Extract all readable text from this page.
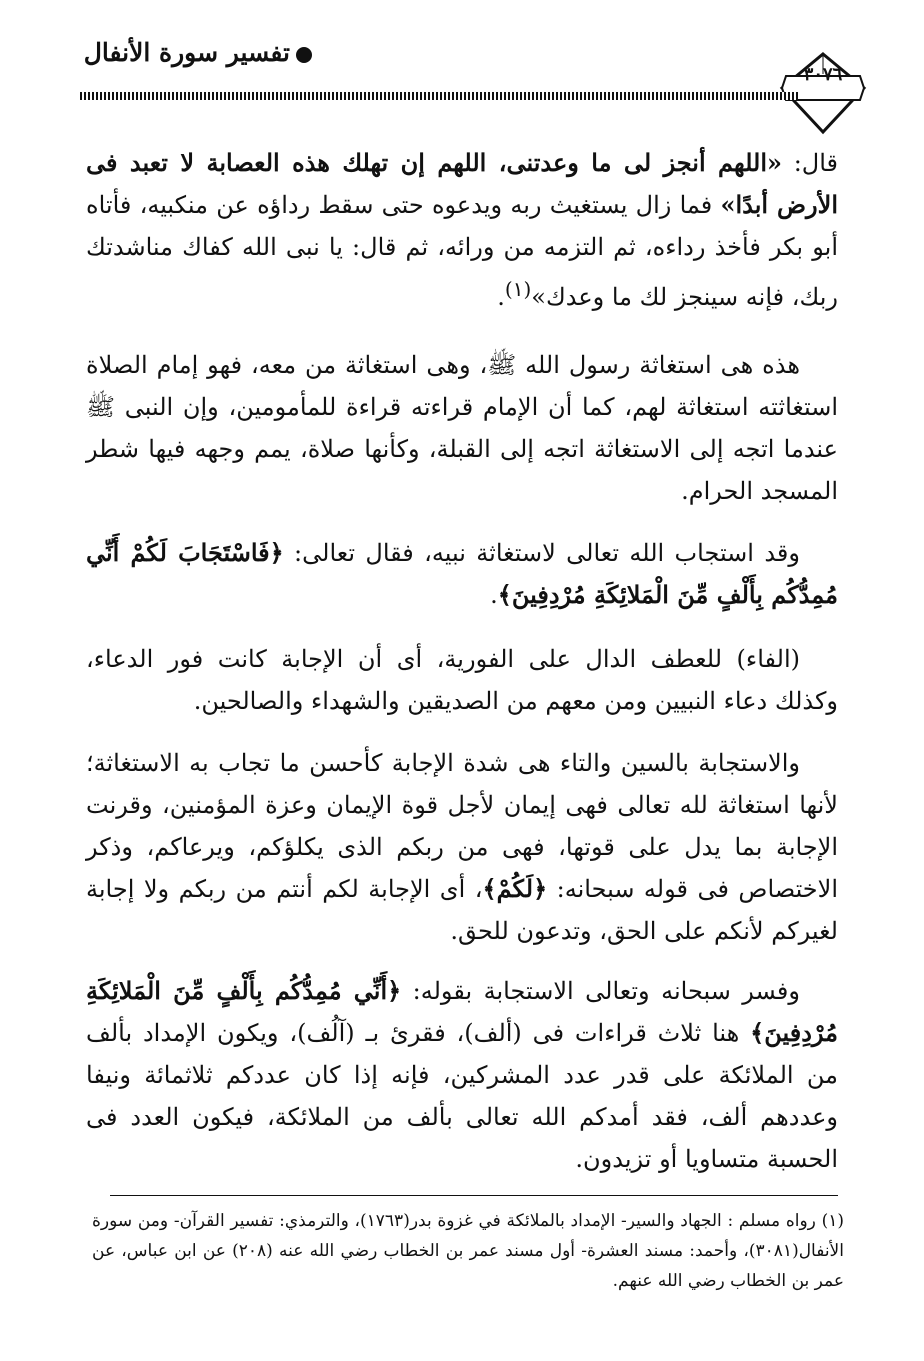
تفسير سورة الأنفال
٣٠٧٦
قال: «اللهم أنجز لى ما وعدتنى، اللهم إن تهلك هذه العصابة لا تعبد فى الأرض أبدًا» فما زال يستغيث ربه ويدعوه حتى سقط رداؤه عن منكبيه، فأتاه أبو بكر فأخذ رداءه، ثم التزمه من ورائه، ثم قال: يا نبى الله كفاك مناشدتك ربك، فإنه سينجز لك ما وعدك»$^{(١)}$.
هذه هى استغاثة رسول الله ﷺ، وهى استغاثة من معه، فهو إمام الصلاة استغاثته استغاثة لهم، كما أن الإمام قراءته قراءة للمأمومين، وإن النبى ﷺ عندما اتجه إلى الاستغاثة اتجه إلى القبلة، وكأنها صلاة، يمم وجهه فيها شطر المسجد الحرام.
وقد استجاب الله تعالى لاستغاثة نبيه، فقال تعالى: ﴿فَاسْتَجَابَ لَكُمْ أَنِّي مُمِدُّكُم بِأَلْفٍ مِّنَ الْمَلائِكَةِ مُرْدِفِينَ﴾.
(الفاء) للعطف الدال على الفورية، أى أن الإجابة كانت فور الدعاء، وكذلك دعاء النبيين ومن معهم من الصديقين والشهداء والصالحين.
والاستجابة بالسين والتاء هى شدة الإجابة كأحسن ما تجاب به الاستغاثة؛ لأنها استغاثة لله تعالى فهى إيمان لأجل قوة الإيمان وعزة المؤمنين، وقرنت الإجابة بما يدل على قوتها، فهى من ربكم الذى يكلؤكم، ويرعاكم، وذكر الاختصاص فى قوله سبحانه: ﴿لَكُمْ﴾، أى الإجابة لكم أنتم من ربكم ولا إجابة لغيركم لأنكم على الحق، وتدعون للحق.
وفسر سبحانه وتعالى الاستجابة بقوله: ﴿أَنِّي مُمِدُّكُم بِأَلْفٍ مِّنَ الْمَلائِكَةِ مُرْدِفِينَ﴾ هنا ثلاث قراءات فى (ألف)، فقرئ بـ (آلُف)، ويكون الإمداد بألف من الملائكة على قدر عدد المشركين، فإنه إذا كان عددكم ثلاثمائة ونيفا وعددهم ألف، فقد أمدكم الله تعالى بألف من الملائكة، فيكون العدد فى الحسبة متساويا أو تزيدون.
(١) رواه مسلم : الجهاد والسير- الإمداد بالملائكة في غزوة بدر(١٧٦٣)، والترمذي: تفسير القرآن- ومن سورة الأنفال(٣٠٨١)، وأحمد: مسند العشرة- أول مسند عمر بن الخطاب رضي الله عنه (٢٠٨) عن ابن عباس، عن عمر بن الخطاب رضي الله عنهم.
